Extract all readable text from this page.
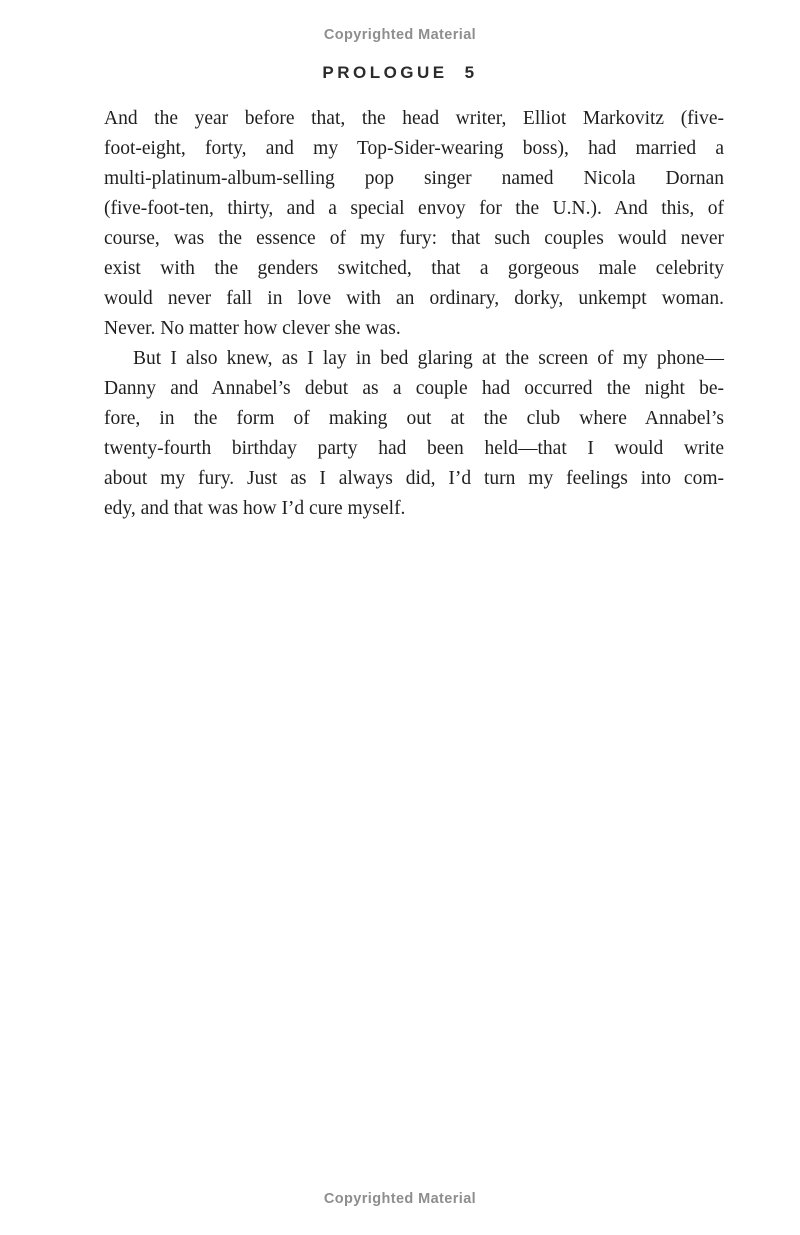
Copyrighted Material
PROLOGUE 5
And the year before that, the head writer, Elliot Markovitz (five-
foot-eight, forty, and my Top-Sider-wearing boss), had married a
multi-platinum-album-selling pop singer named Nicola Dornan
(five-foot-ten, thirty, and a special envoy for the U.N.). And this, of
course, was the essence of my fury: that such couples would never
exist with the genders switched, that a gorgeous male celebrity
would never fall in love with an ordinary, dorky, unkempt woman.
Never. No matter how clever she was.
But I also knew, as I lay in bed glaring at the screen of my phone—
Danny and Annabel’s debut as a couple had occurred the night be-
fore, in the form of making out at the club where Annabel’s
twenty-fourth birthday party had been held—that I would write
about my fury. Just as I always did, I’d turn my feelings into com-
edy, and that was how I’d cure myself.
Copyrighted Material
